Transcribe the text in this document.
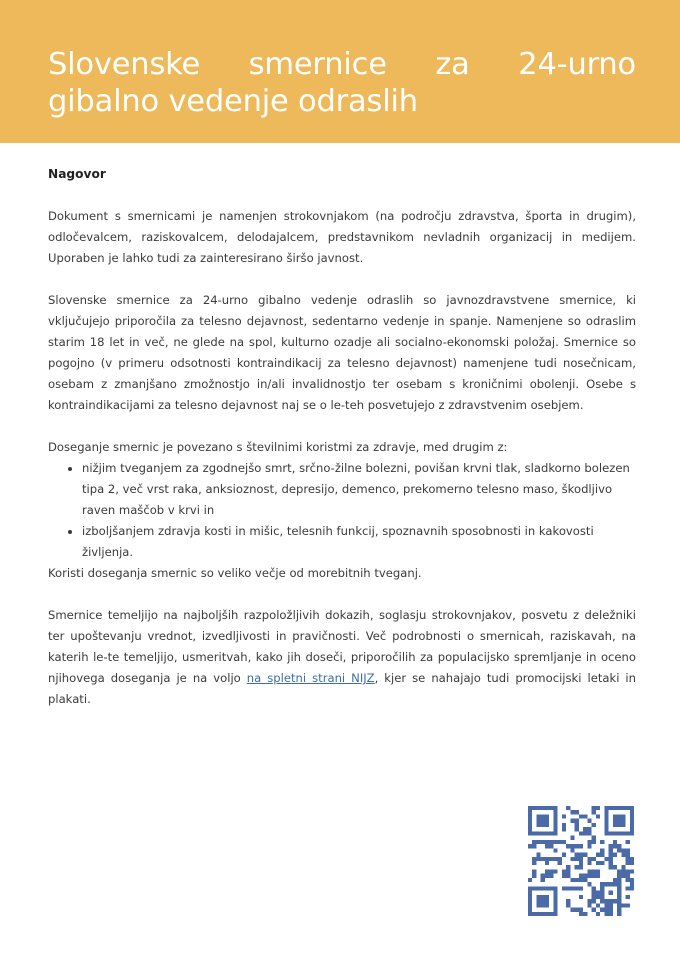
Slovenske smernice za 24-urno gibalno vedenje odraslih

Nagovor

Dokument s smernicami je namenjen strokovnjakom (na področju zdravstva, športa in drugim), odločevalcem, raziskovalcem, delodajalcem, predstavnikom nevladnih organizacij in medijem. Uporaben je lahko tudi za zainteresirano širšo javnost.

Slovenske smernice za 24-urno gibalno vedenje odraslih so javnozdravstvene smernice, ki vključujejo priporočila za telesno dejavnost, sedentarno vedenje in spanje. Namenjene so odraslim starim 18 let in več, ne glede na spol, kulturno ozadje ali socialno-ekonomski položaj. Smernice so pogojno (v primeru odsotnosti kontraindikacij za telesno dejavnost) namenjene tudi nosečnicam, osebam z zmanjšano zmožnostjo in/ali invalidnostjo ter osebam s kroničnimi obolenji. Osebe s kontraindikacijami za telesno dejavnost naj se o le-teh posvetujejo z zdravstvenim osebjem.

Doseganje smernic je povezano s številnimi koristmi za zdravje, med drugim z:

nižjim tveganjem za zgodnejšo smrt, srčno-žilne bolezni, povišan krvni tlak, sladkorno bolezen tipa 2, več vrst raka, anksioznost, depresijo, demenco, prekomerno telesno maso, škodljivo raven maščob v krvi in
izboljšanjem zdravja kosti in mišic, telesnih funkcij, spoznavnih sposobnosti in kakovosti življenja.

Koristi doseganja smernic so veliko večje od morebitnih tveganj.

Smernice temeljijo na najboljših razpoložljivih dokazih, soglasju strokovnjakov, posvetu z deležniki ter upoštevanju vrednot, izvedljivosti in pravičnosti. Več podrobnosti o smernicah, raziskavah, na katerih le-te temeljijo, usmeritvah, kako jih doseči, priporočilih za populacijsko spremljanje in oceno njihovega doseganja je na voljo na spletni strani NIJZ, kjer se nahajajo tudi promocijski letaki in plakati.
